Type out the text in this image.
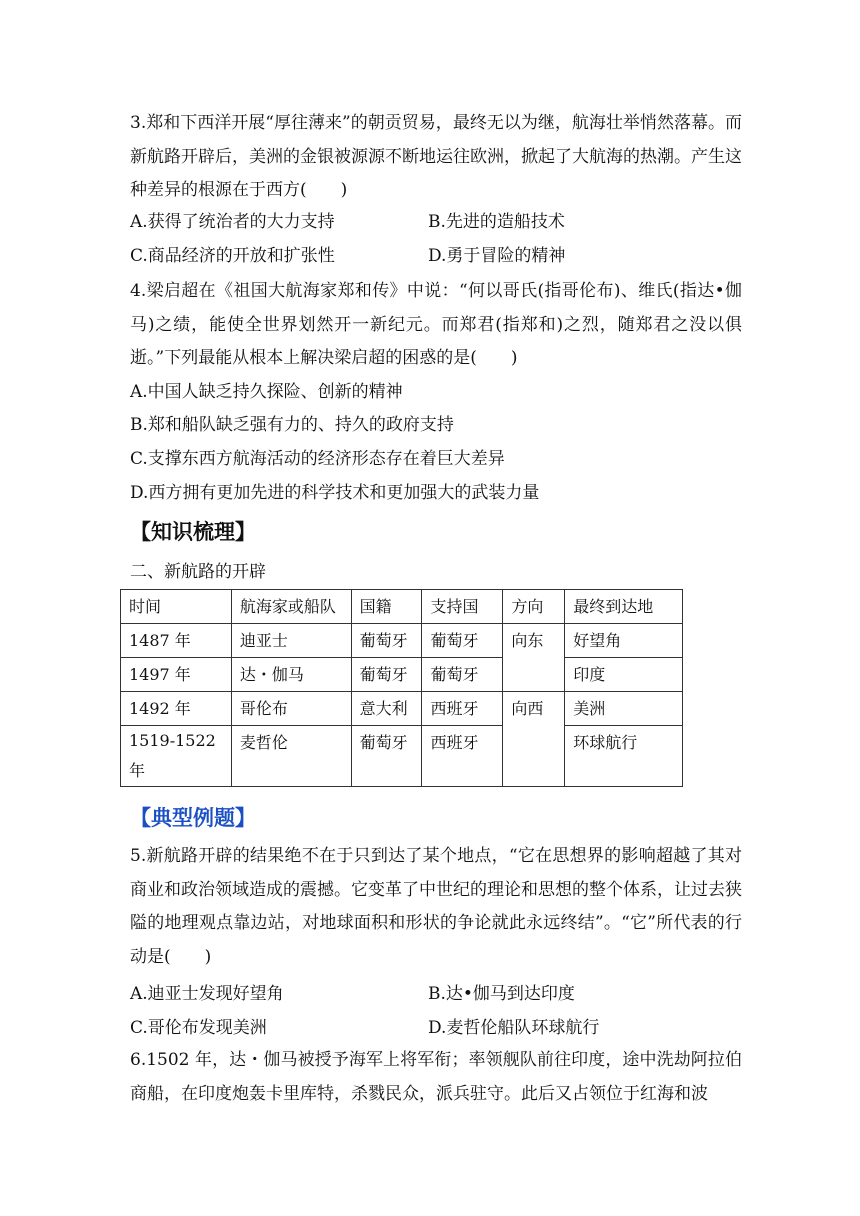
3.郑和下西洋开展“厚往薄来”的朝贡贸易，最终无以为继，航海壮举悄然落幕。而新航路开辟后，美洲的金银被源源不断地运往欧洲，掀起了大航海的热潮。产生这种差异的根源在于西方(　　)
A.获得了统治者的大力支持	B.先进的造船技术
C.商品经济的开放和扩张性	D.勇于冒险的精神
4.梁启超在《祖国大航海家郑和传》中说：“何以哥氏(指哥伦布)、维氏(指达•伽马)之绩，能使全世界划然开一新纪元。而郑君(指郑和)之烈，随郑君之没以俱逝。”下列最能从根本上解决梁启超的困惑的是(　　)
A.中国人缺乏持久探险、创新的精神
B.郑和船队缺乏强有力的、持久的政府支持
C.支撑东西方航海活动的经济形态存在着巨大差异
D.西方拥有更加先进的科学技术和更加强大的武装力量
【知识梳理】
二、新航路的开辟
时间	航海家或船队	国籍	支持国	方向	最终到达地
1487 年	迪亚士	葡萄牙	葡萄牙	向东	好望角
1497 年	达・伽马	葡萄牙	葡萄牙		印度
1492 年	哥伦布	意大利	西班牙	向西	美洲
1519-1522 年	麦哲伦	葡萄牙	西班牙		环球航行
【典型例题】
5.新航路开辟的结果绝不在于只到达了某个地点，“它在思想界的影响超越了其对商业和政治领域造成的震撼。它变革了中世纪的理论和思想的整个体系，让过去狭隘的地理观点靠边站，对地球面积和形状的争论就此永远终结”。“它”所代表的行动是(　　)
A.迪亚士发现好望角	B.达•伽马到达印度
C.哥伦布发现美洲	D.麦哲伦船队环球航行
6.1502 年，达・伽马被授予海军上将军衔；率领舰队前往印度，途中洗劫阿拉伯商船，在印度炮轰卡里库特，杀戮民众，派兵驻守。此后又占领位于红海和波
